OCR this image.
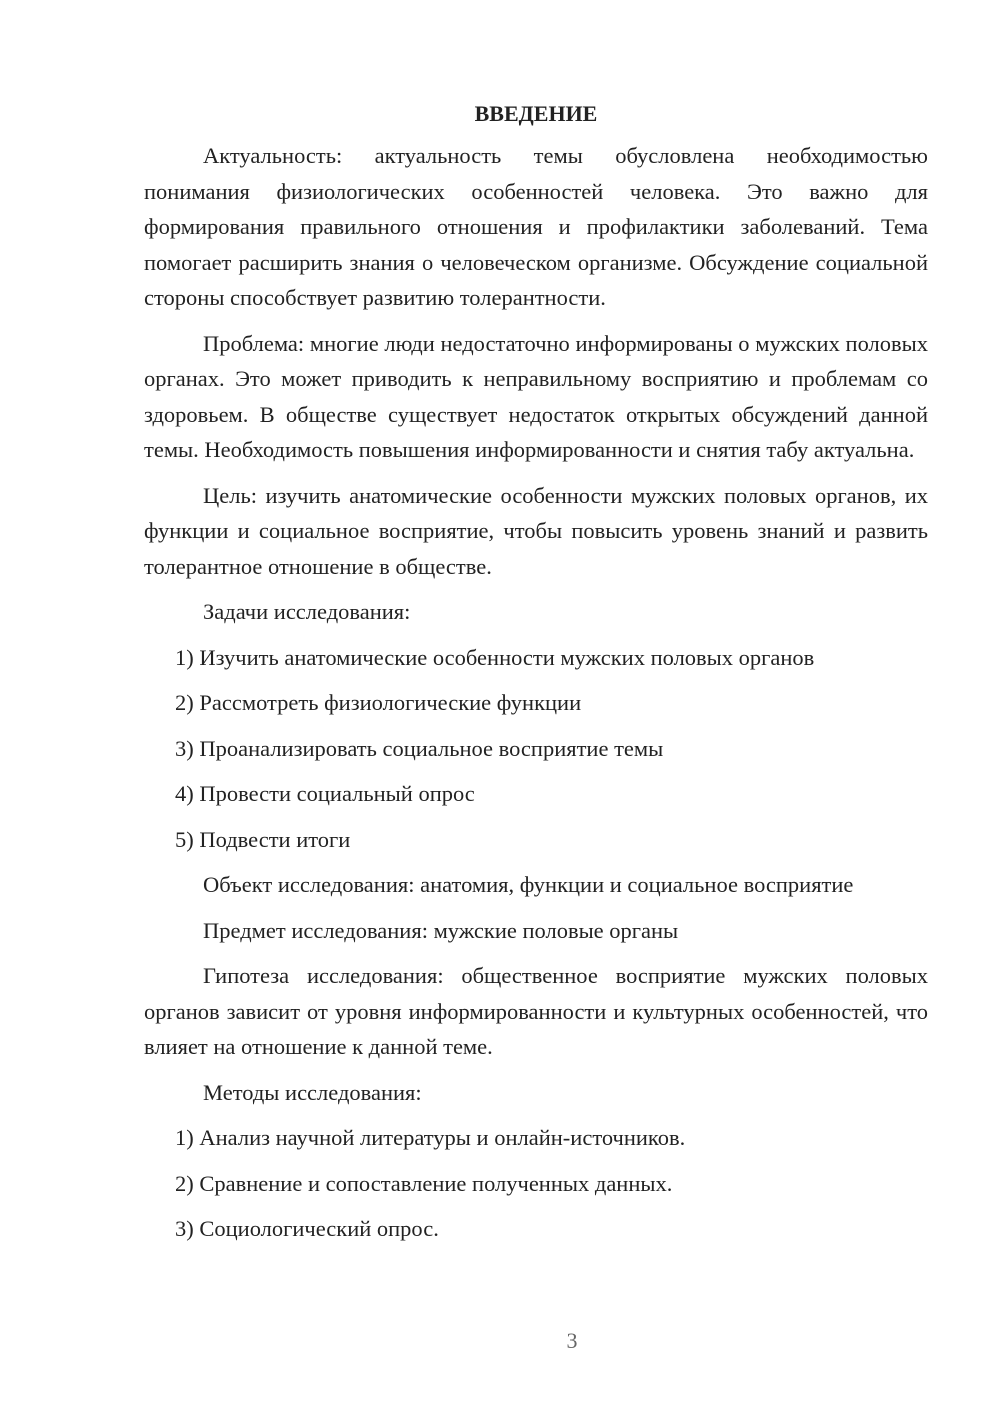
ВВЕДЕНИЕ

Актуальность: актуальность темы обусловлена необходимостью понимания физиологических особенностей человека. Это важно для формирования правильного отношения и профилактики заболеваний. Тема помогает расширить знания о человеческом организме. Обсуждение социальной стороны способствует развитию толерантности.

Проблема: многие люди недостаточно информированы о мужских половых органах. Это может приводить к неправильному восприятию и проблемам со здоровьем. В обществе существует недостаток открытых обсуждений данной темы. Необходимость повышения информированности и снятия табу актуальна.

Цель: изучить анатомические особенности мужских половых органов, их функции и социальное восприятие, чтобы повысить уровень знаний и развить толерантное отношение в обществе.

Задачи исследования:

1) Изучить анатомические особенности мужских половых органов

2) Рассмотреть физиологические функции

3) Проанализировать социальное восприятие темы

4) Провести социальный опрос

5) Подвести итоги

Объект исследования: анатомия, функции и социальное восприятие

Предмет исследования: мужские половые органы

Гипотеза исследования: общественное восприятие мужских половых органов зависит от уровня информированности и культурных особенностей, что влияет на отношение к данной теме.

Методы исследования:

1) Анализ научной литературы и онлайн-источников.

2) Сравнение и сопоставление полученных данных.

3) Социологический опрос.

3
